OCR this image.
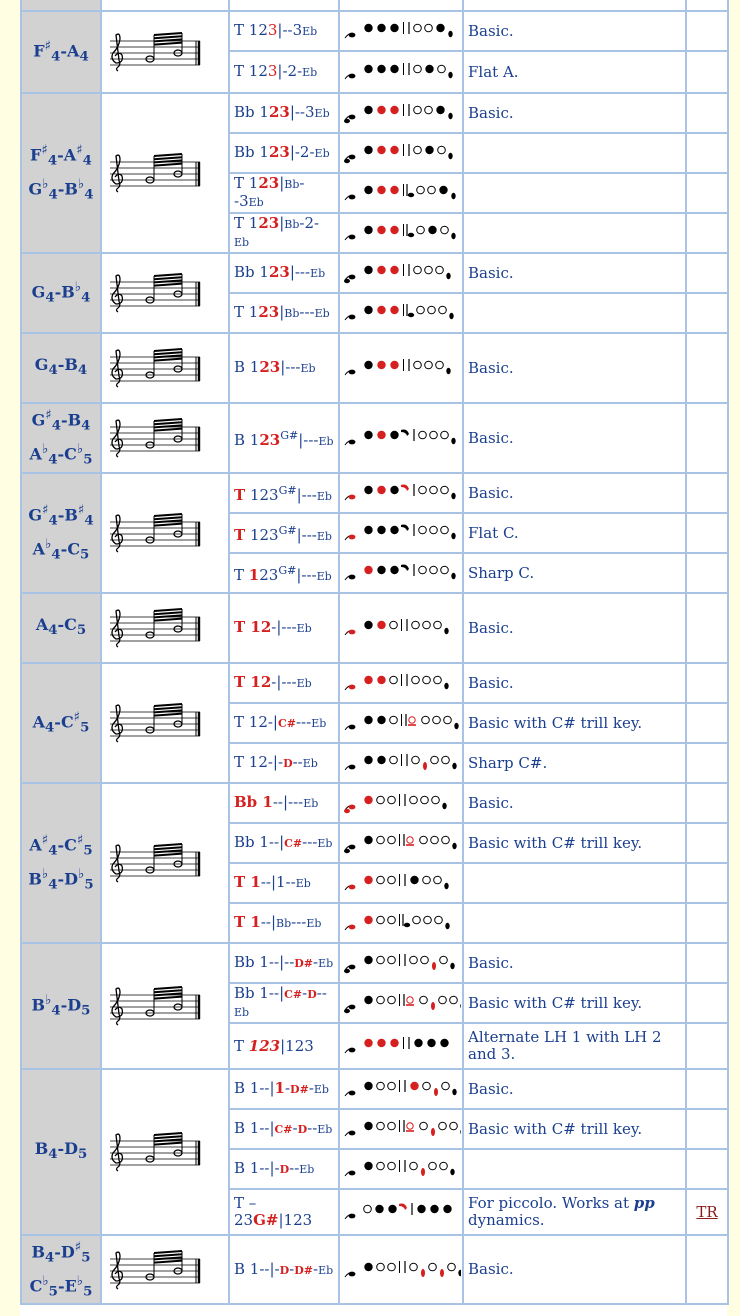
$F^♯_4-A_4$		T 123|--3Eb		Basic.	
		T 123|-2-Eb		Flat A.	

$F^♯_4-A^♯_4$
$G^♭_4-B^♭_4$		Bb 123|--3Eb		Basic.	
		Bb 123|-2-Eb	

		T 123|Bb--3Eb	

		T 123|Bb-2-Eb	

$G_4-B^♭_4$		Bb 123|---Eb		Basic.	
		T 123|Bb---Eb	

$G_4-B_4$		B 123|---Eb		Basic.	

$G^♯_4-B_4$
$A^♭_4-C^♭_5$		B $123^{G\#}|---Eb$		Basic.	

$G^♯_4-B^♯_4$
$A^♭_4-C_5$		T $123^{G\#}|---Eb$		Basic.	
		T $123^{G\#}|---Eb$		Flat C.	
		T $123^{G\#}|---Eb$		Sharp C.	

$A_4-C_5$		T 12-|---Eb		Basic.	

$A_4-C^♯_5$		T 12-|---Eb		Basic.	
		T 12-|C#---Eb		Basic with C# trill key.	
		T 12-|-D--Eb		Sharp C#.	

$A^♯_4-C^♯_5$
$B^♭_4-D^♭_5$		Bb 1--|---Eb		Basic.	
		Bb 1--|C#---Eb		Basic with C# trill key.	
		T 1--|1--Eb	

		T 1--|Bb---Eb	

$B^♭_4-D_5$		Bb 1--|--D#-Eb		Basic.	
		Bb 1--|C#-D--Eb		Basic with C# trill key.	
		T 123|123		Alternate LH 1 with LH 2 and 3.	

$B_4-D_5$		B 1--|1-D#-Eb		Basic.	
		B 1--|C#-D--Eb		Basic with C# trill key.	
		B 1--|-D--Eb	

		T –23G#|123		For piccolo. Works at pp dynamics.	TR

$B_4-D^♯_5$
$C^♭_5-E^♭_5$		B 1--|-D-D#-Eb		Basic.	
